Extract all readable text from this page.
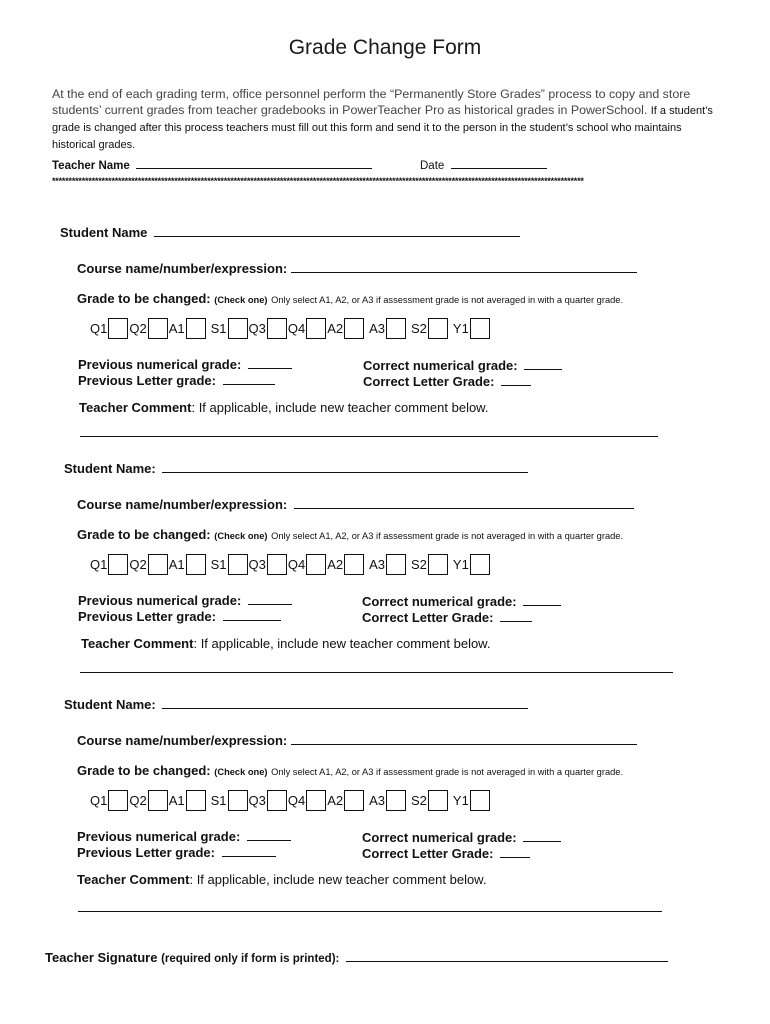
Grade Change Form

At the end of each grading term, office personnel perform the “Permanently Store Grades” process to copy and store students’ current grades from teacher gradebooks in PowerTeacher Pro as historical grades in PowerSchool. If a student’s grade is changed after this process teachers must fill out this form and send it to the person in the student’s school who maintains historical grades.

Teacher Name	Date
*****************************************************************************************************************************************************************
Student Name
Course name/number/expression:
Grade to be changed: (Check one) Only select A1, A2, or A3 if assessment grade is not averaged in with a quarter grade.
Q1 Q2 A1 S1 Q3 Q4 A2 A3 S2 Y1
Previous numerical grade:
Previous Letter grade:
Correct numerical grade:
Correct Letter Grade:
Teacher Comment: If applicable, include new teacher comment below.
Student Name:
Course name/number/expression:
Grade to be changed: (Check one) Only select A1, A2, or A3 if assessment grade is not averaged in with a quarter grade.
Q1 Q2 A1 S1 Q3 Q4 A2 A3 S2 Y1
Previous numerical grade:
Previous Letter grade:
Correct numerical grade:
Correct Letter Grade:
Teacher Comment: If applicable, include new teacher comment below.
Student Name:
Course name/number/expression:
Grade to be changed: (Check one) Only select A1, A2, or A3 if assessment grade is not averaged in with a quarter grade.
Q1 Q2 A1 S1 Q3 Q4 A2 A3 S2 Y1
Previous numerical grade:
Previous Letter grade:
Correct numerical grade:
Correct Letter Grade:
Teacher Comment: If applicable, include new teacher comment below.
Teacher Signature (required only if form is printed):
